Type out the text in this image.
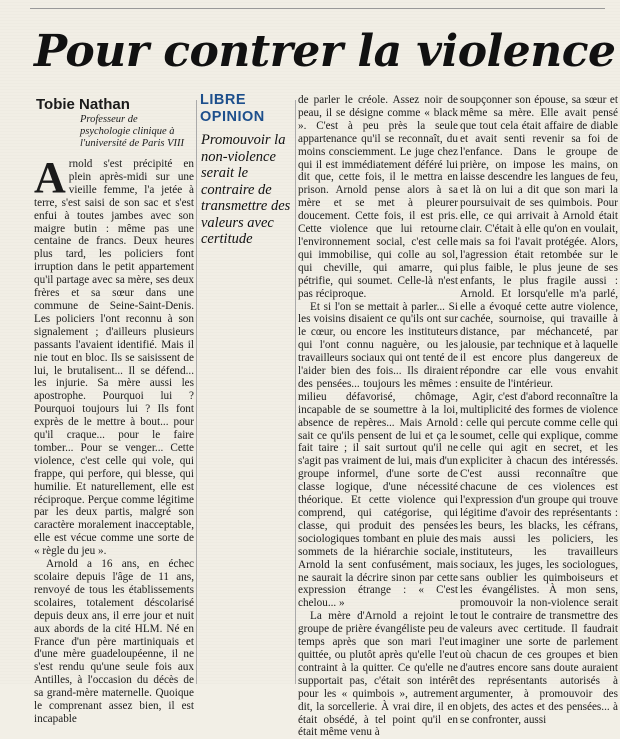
Pour contrer la violence
Tobie Nathan
Professeur de psychologie clinique à l'université de Paris VIII
LIBRE
OPINION
Promouvoir la non-violence serait le contraire de transmettre des valeurs avec certitude

Arnold s'est précipité en plein après-midi sur une vieille femme, l'a jetée à terre, s'est saisi de son sac et s'est enfui à toutes jambes avec son maigre butin : même pas une centaine de francs. Deux heures plus tard, les policiers font irruption dans le petit appartement qu'il partage avec sa mère, ses deux frères et sa sœur dans une commune de Seine-Saint-Denis. Les policiers l'ont reconnu à son signalement ; d'ailleurs plusieurs passants l'avaient identifié. Mais il nie tout en bloc. Ils se saisissent de lui, le brutalisent... Il se défend... les injurie. Sa mère aussi les apostrophe. Pourquoi lui ? Pourquoi toujours lui ? Ils font exprès de le mettre à bout... pour qu'il craque... pour le faire tomber... Pour se venger... Cette violence, c'est celle qui vole, qui frappe, qui perfore, qui blesse, qui humilie. Et naturellement, elle est réciproque. Perçue comme légitime par les deux partis, malgré son caractère moralement inacceptable, elle est vécue comme une sorte de « règle du jeu ».

Arnold a 16 ans, en échec scolaire depuis l'âge de 11 ans, renvoyé de tous les établissements scolaires, totalement déscolarisé depuis deux ans, il erre jour et nuit aux abords de la cité HLM. Né en France d'un père martiniquais et d'une mère guadeloupéenne, il ne s'est rendu qu'une seule fois aux Antilles, à l'occasion du décès de sa grand-mère maternelle. Quoique le comprenant assez bien, il est incapable

de parler le créole. Assez noir de peau, il se désigne comme « black ». C'est à peu près la seule appartenance qu'il se reconnaît, du moins consciemment. Le juge chez qui il est immédiatement déféré lui dit que, cette fois, il le mettra en prison. Arnold pense alors à sa mère et se met à pleurer doucement. Cette fois, il est pris. Cette violence que lui retourne l'environnement social, c'est celle qui immobilise, qui colle au sol, qui cheville, qui amarre, qui pétrifie, qui soumet. Celle-là n'est pas réciproque.

Et si l'on se mettait à parler... Si les voisins disaient ce qu'ils ont sur le cœur, ou encore les instituteurs qui l'ont connu naguère, ou les travailleurs sociaux qui ont tenté de l'aider bien des fois... Ils diraient des pensées... toujours les mêmes : milieu défavorisé, chômage, incapable de se soumettre à la loi, absence de repères... Mais Arnold sait ce qu'ils pensent de lui et ça le fait taire ; il sait surtout qu'il ne s'agit pas vraiment de lui, mais d'un groupe informel, d'une sorte de classe logique, d'une nécessité théorique. Et cette violence qui comprend, qui catégorise, qui classe, qui produit des pensées sociologiques tombant en pluie des sommets de la hiérarchie sociale, Arnold la sent confusément, mais ne saurait la décrire sinon par cette expression étrange : « C'est chelou... »

La mère d'Arnold a rejoint le groupe de prière évangéliste peu de temps après que son mari l'eut quittée, ou plutôt après qu'elle l'eut contraint à la quitter. Ce qu'elle ne supportait pas, c'était son intérêt pour les « quimbois », autrement dit, la sorcellerie. À vrai dire, il en était obsédé, à tel point qu'il en était même venu à

soupçonner son épouse, sa sœur et même sa mère. Elle avait pensé que tout cela était affaire de diable et avait senti revenir sa foi de l'enfance. Dans le groupe de prière, on impose les mains, on laisse descendre les langues de feu, et là on lui a dit que son mari la poursuivait de ses quimbois. Pour elle, ce qui arrivait à Arnold était clair. C'était à elle qu'on en voulait, mais sa foi l'avait protégée. Alors, l'agression était retombée sur le plus faible, le plus jeune de ses enfants, le plus fragile aussi : Arnold. Et lorsqu'elle m'a parlé, elle a évoqué cette autre violence, cachée, sournoise, qui travaille à distance, par méchanceté, par jalousie, par technique et à laquelle il est encore plus dangereux de répondre car elle vous envahit ensuite de l'intérieur.

Agir, c'est d'abord reconnaître la multiplicité des formes de violence : celle qui percute comme celle qui soumet, celle qui explique, comme celle qui agit en secret, et les expliciter à chacun des intéressés. C'est aussi reconnaître que chacune de ces violences est l'expression d'un groupe qui trouve légitime d'avoir des représentants : les beurs, les blacks, les céfrans, mais aussi les policiers, les instituteurs, les travailleurs sociaux, les juges, les sociologues, sans oublier les quimboiseurs et les évangélistes. À mon sens, promouvoir la non-violence serait tout le contraire de transmettre des valeurs avec certitude. Il faudrait imaginer une sorte de parlement où chacun de ces groupes et bien d'autres encore sans doute auraient des représentants autorisés à argumenter, à promouvoir des objets, des actes et des pensées... à se confronter, aussi
